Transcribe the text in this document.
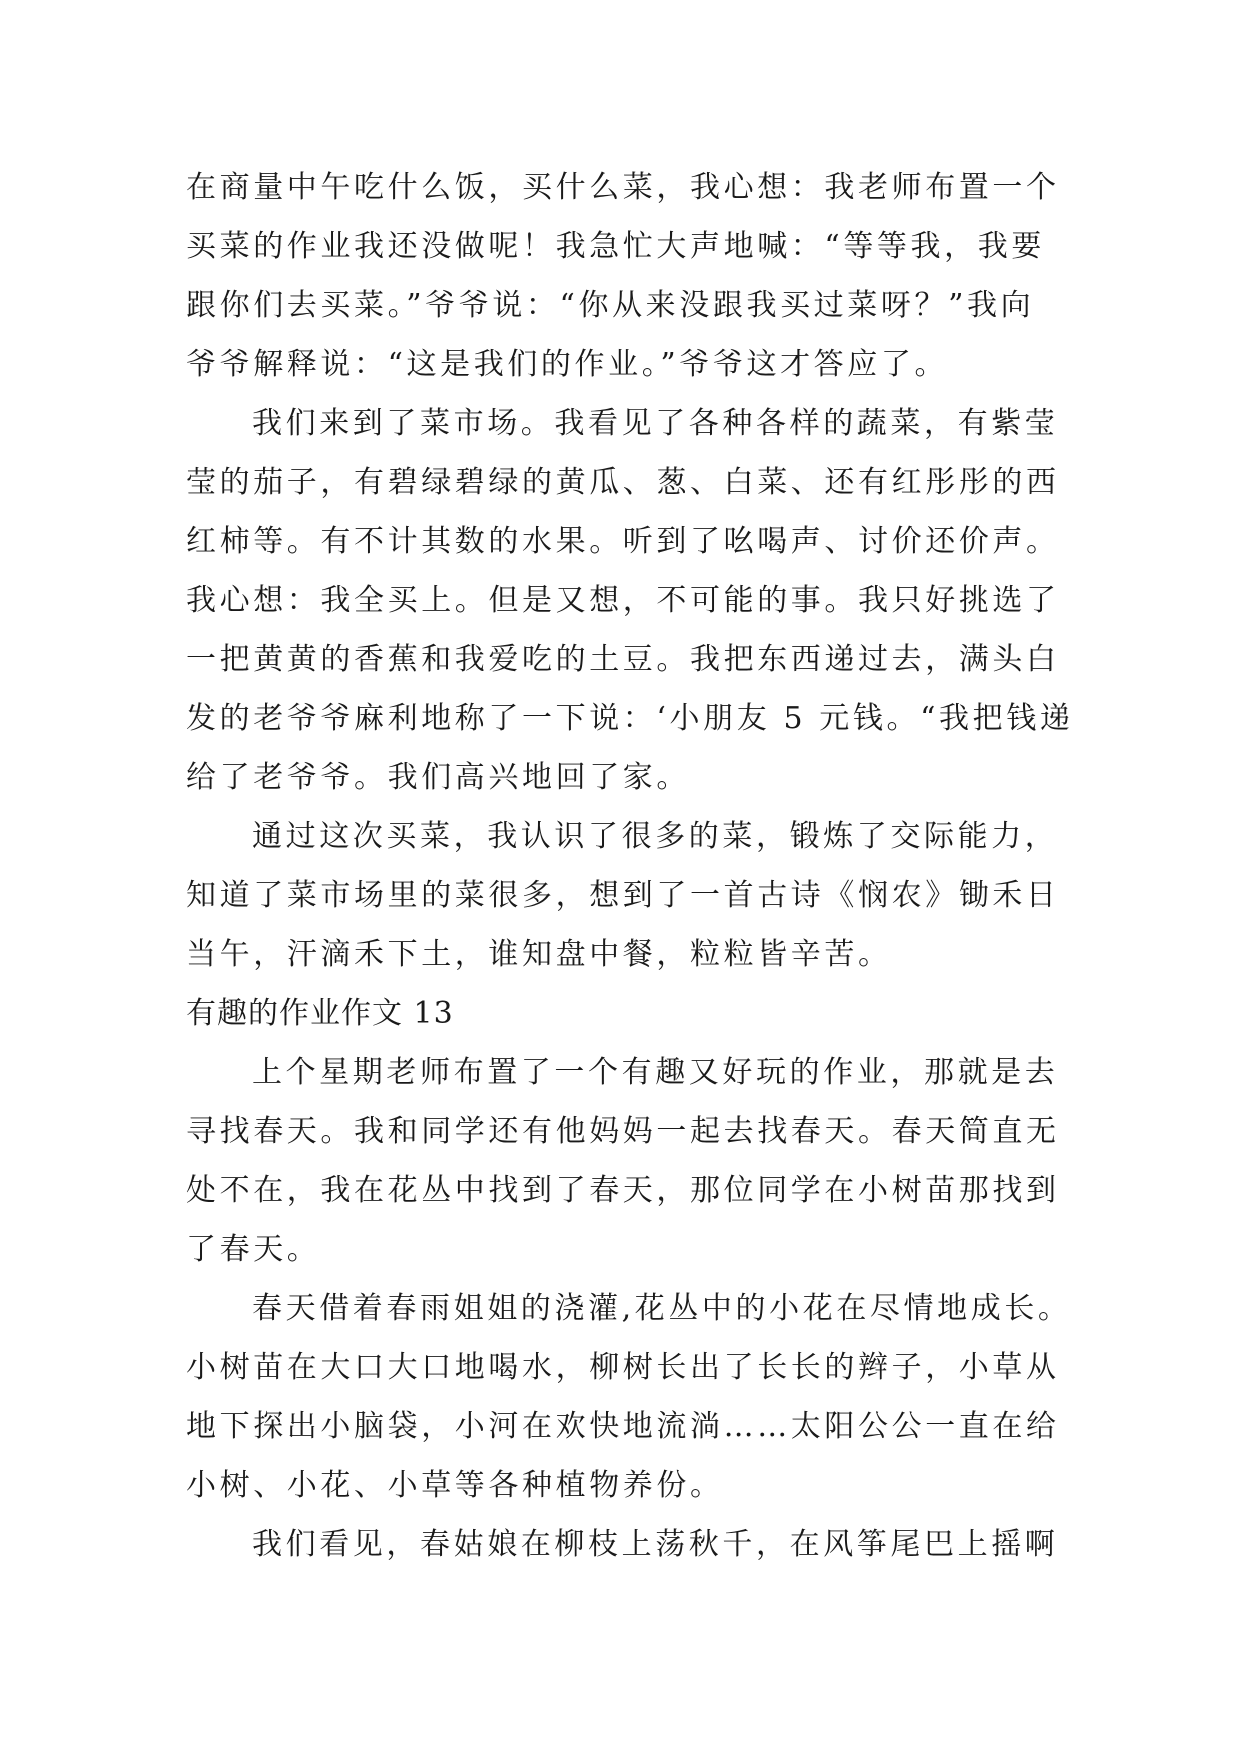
在商量中午吃什么饭，买什么菜，我心想：我老师布置一个
买菜的作业我还没做呢！我急忙大声地喊：“等等我，我要
跟你们去买菜。”爷爷说：“你从来没跟我买过菜呀？”我向
爷爷解释说：“这是我们的作业。”爷爷这才答应了。
我们来到了菜市场。我看见了各种各样的蔬菜，有紫莹
莹的茄子，有碧绿碧绿的黄瓜、葱、白菜、还有红彤彤的西
红柿等。有不计其数的水果。听到了吆喝声、讨价还价声。
我心想：我全买上。但是又想，不可能的事。我只好挑选了
一把黄黄的香蕉和我爱吃的土豆。我把东西递过去，满头白
发的老爷爷麻利地称了一下说：‘小朋友 5 元钱。“我把钱递
给了老爷爷。我们高兴地回了家。
通过这次买菜，我认识了很多的菜，锻炼了交际能力，
知道了菜市场里的菜很多，想到了一首古诗《悯农》锄禾日
当午，汗滴禾下土，谁知盘中餐，粒粒皆辛苦。
有趣的作业作文 13
上个星期老师布置了一个有趣又好玩的作业，那就是去
寻找春天。我和同学还有他妈妈一起去找春天。春天简直无
处不在，我在花丛中找到了春天，那位同学在小树苗那找到
了春天。
春天借着春雨姐姐的浇灌,花丛中的小花在尽情地成长。
小树苗在大口大口地喝水，柳树长出了长长的辫子，小草从
地下探出小脑袋，小河在欢快地流淌……太阳公公一直在给
小树、小花、小草等各种植物养份。
我们看见，春姑娘在柳枝上荡秋千，在风筝尾巴上摇啊
